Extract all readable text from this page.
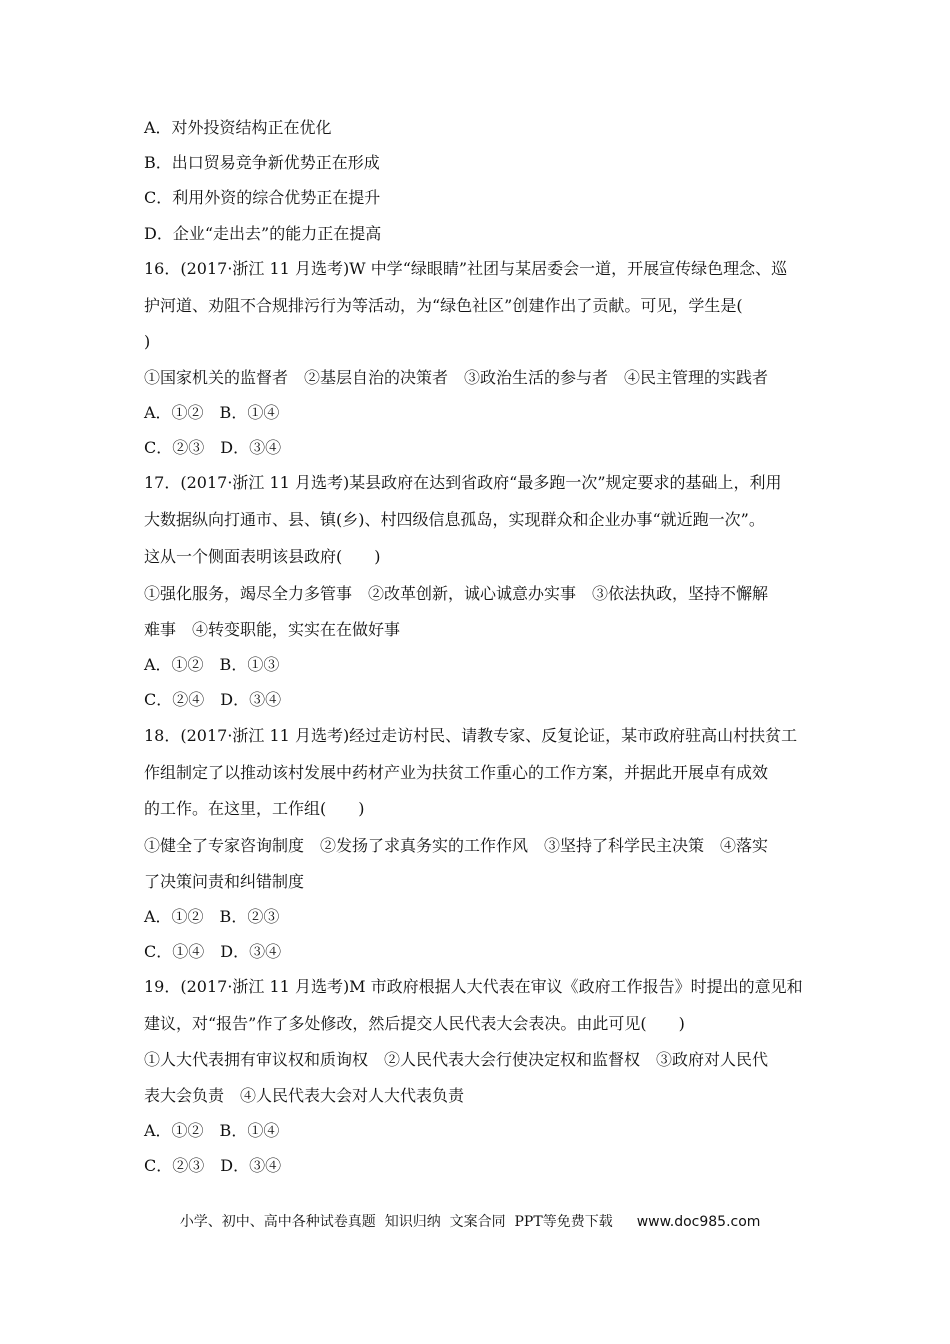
A．对外投资结构正在优化
B．出口贸易竞争新优势正在形成
C．利用外资的综合优势正在提升
D．企业“走出去”的能力正在提高
16．(2017·浙江 11 月选考)W 中学“绿眼睛”社团与某居委会一道，开展宣传绿色理念、巡
护河道、劝阻不合规排污行为等活动，为“绿色社区”创建作出了贡献。可见，学生是(
)
①国家机关的监督者　②基层自治的决策者　③政治生活的参与者　④民主管理的实践者
A．①②　B．①④
C．②③　D．③④
17．(2017·浙江 11 月选考)某县政府在达到省政府“最多跑一次”规定要求的基础上，利用
大数据纵向打通市、县、镇(乡)、村四级信息孤岛，实现群众和企业办事“就近跑一次”。
这从一个侧面表明该县政府(　　)
①强化服务，竭尽全力多管事　②改革创新，诚心诚意办实事　③依法执政，坚持不懈解
难事　④转变职能，实实在在做好事
A．①②　B．①③
C．②④　D．③④
18．(2017·浙江 11 月选考)经过走访村民、请教专家、反复论证，某市政府驻高山村扶贫工
作组制定了以推动该村发展中药材产业为扶贫工作重心的工作方案，并据此开展卓有成效
的工作。在这里，工作组(　　)
①健全了专家咨询制度　②发扬了求真务实的工作作风　③坚持了科学民主决策　④落实
了决策问责和纠错制度
A．①②　B．②③
C．①④　D．③④
19．(2017·浙江 11 月选考)M 市政府根据人大代表在审议《政府工作报告》时提出的意见和
建议，对“报告”作了多处修改，然后提交人民代表大会表决。由此可见(　　)
①人大代表拥有审议权和质询权　②人民代表大会行使决定权和监督权　③政府对人民代
表大会负责　④人民代表大会对人大代表负责
A．①②　B．①④
C．②③　D．③④

小学、初中、高中各种试卷真题  知识归纳  文案合同  PPT等免费下载 www.doc985.com
